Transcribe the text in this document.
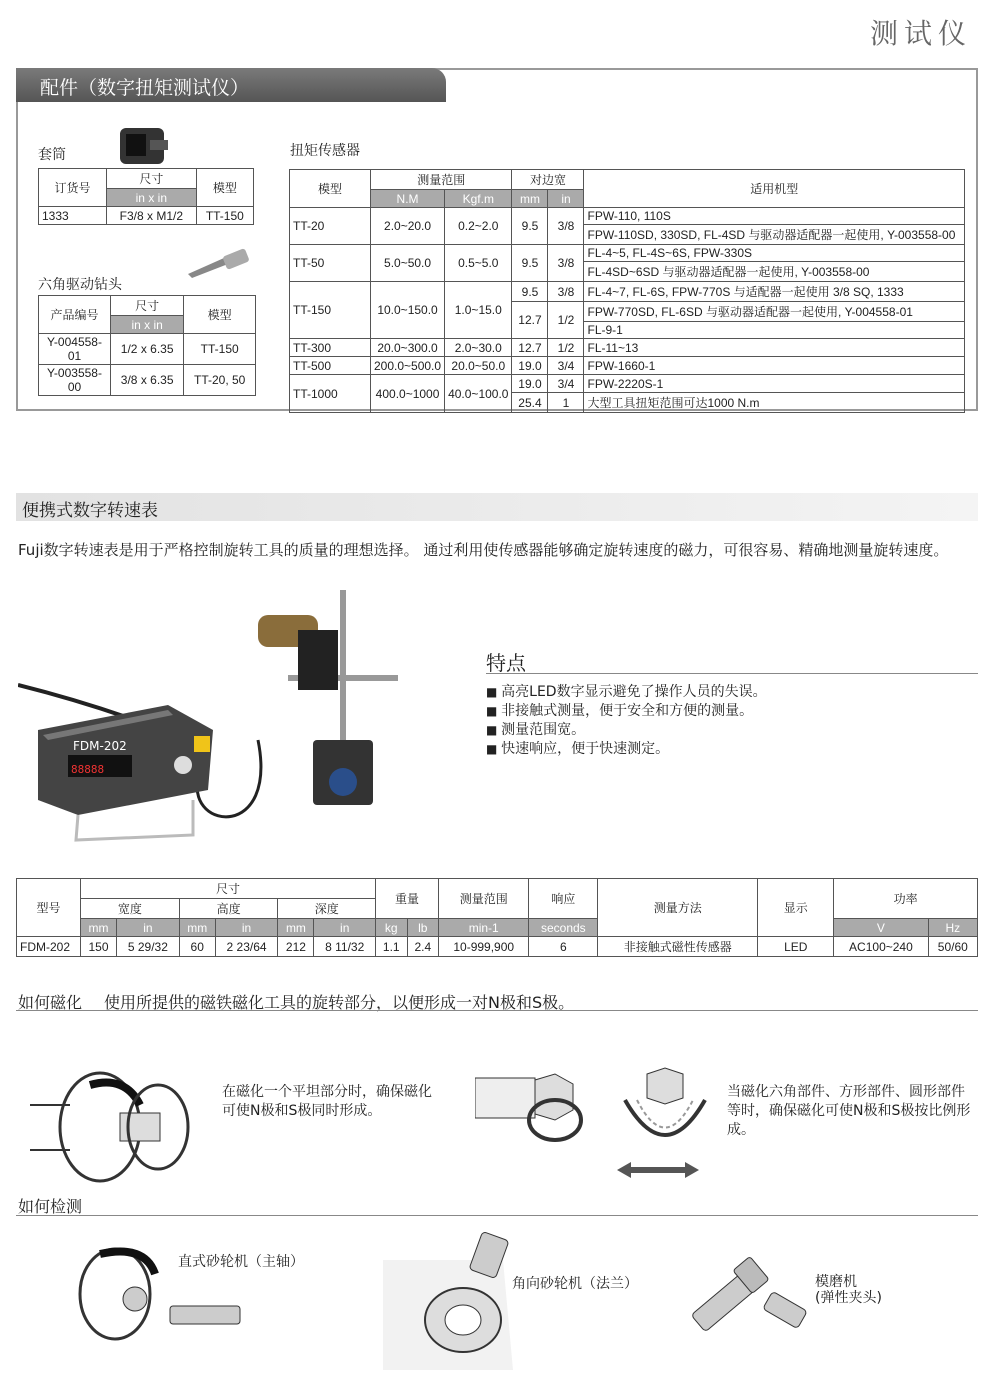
测试仪
配件（数字扭矩测试仪）
套筒
订货号	尺寸	模型
	in x in	
1333	F3/8 x M1/2	TT-150
六角驱动钻头
产品编号	尺寸	模型
	in x in	
Y-004558-01	1/2 x 6.35	TT-150
Y-003558-00	3/8 x 6.35	TT-20, 50
扭矩传感器
模型	测量范围		对边宽		适用机型
	N.M	Kgf.m	mm	in	
TT-20	2.0~20.0	0.2~2.0	9.5	3/8	FPW-110, 110S
					FPW-110SD, 330SD, FL-4SD 与驱动器适配器一起使用, Y-003558-00
TT-50	5.0~50.0	0.5~5.0	9.5	3/8	FL-4~5, FL-4S~6S, FPW-330S
					FL-4SD~6SD 与驱动器适配器一起使用, Y-003558-00
TT-150	10.0~150.0	1.0~15.0	9.5	3/8	FL-4~7, FL-6S, FPW-770S 与适配器一起使用 3/8 SQ, 1333
			12.7	1/2	FPW-770SD, FL-6SD 与驱动器适配器一起使用, Y-004558-01
					FL-9-1
TT-300	20.0~300.0	2.0~30.0	12.7	1/2	FL-11~13
TT-500	200.0~500.0	20.0~50.0	19.0	3/4	FPW-1660-1
TT-1000	400.0~1000	40.0~100.0	19.0	3/4	FPW-2220S-1
			25.4	1	大型工具扭矩范围可达1000 N.m
便携式数字转速表
Fuji数字转速表是用于严格控制旋转工具的质量的理想选择。 通过利用使传感器能够确定旋转速度的磁力，可很容易、精确地测量旋转速度。
88888
FDM-202
特点
■ 高亮LED数字显示避免了操作人员的失误。
■ 非接触式测量，便于安全和方便的测量。
■ 测量范围宽。
■ 快速响应，便于快速测定。
型号	尺寸						重量		测量范围	响应	测量方法	显示	功率	
	宽度		高度		深度									
	mm	in	mm	in	mm	in	kg	lb	min-1	seconds			V	Hz
FDM-202	150	5 29/32	60	2 23/64	212	8 11/32	1.1	2.4	10-999,900	6	非接触式磁性传感器	LED	AC100~240	50/60
如何磁化 使用所提供的磁铁磁化工具的旋转部分，以便形成一对N极和S极。
在磁化一个平坦部分时，确保磁化可使N极和S极同时形成。
当磁化六角部件、方形部件、圆形部件等时，确保磁化可使N极和S极按比例形成。
如何检测
直式砂轮机（主轴）
角向砂轮机（法兰）	模磨机
(弹性夹头)
